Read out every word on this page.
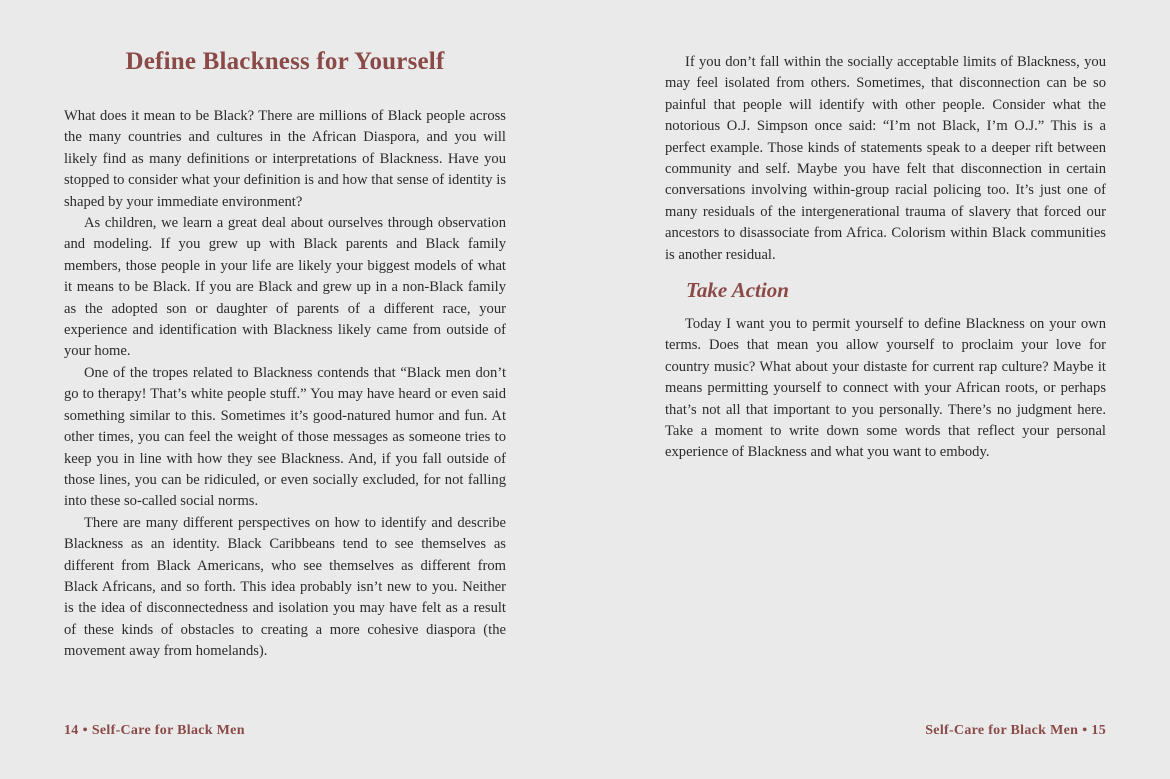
Define Blackness for Yourself

What does it mean to be Black? There are millions of Black people across the many countries and cultures in the African Diaspora, and you will likely find as many definitions or interpretations of Blackness. Have you stopped to consider what your definition is and how that sense of identity is shaped by your immediate environment?

As children, we learn a great deal about ourselves through observation and modeling. If you grew up with Black parents and Black family members, those people in your life are likely your biggest models of what it means to be Black. If you are Black and grew up in a non-Black family as the adopted son or daughter of parents of a different race, your experience and identification with Blackness likely came from outside of your home.

One of the tropes related to Blackness contends that “Black men don’t go to therapy! That’s white people stuff.” You may have heard or even said something similar to this. Sometimes it’s good-natured humor and fun. At other times, you can feel the weight of those messages as someone tries to keep you in line with how they see Blackness. And, if you fall outside of those lines, you can be ridiculed, or even socially excluded, for not falling into these so-called social norms.

There are many different perspectives on how to identify and describe Blackness as an identity. Black Caribbeans tend to see themselves as different from Black Americans, who see themselves as different from Black Africans, and so forth. This idea probably isn’t new to you. Neither is the idea of disconnectedness and isolation you may have felt as a result of these kinds of obstacles to creating a more cohesive diaspora (the movement away from homelands).

14 • Self-Care for Black Men

If you don’t fall within the socially acceptable limits of Blackness, you may feel isolated from others. Sometimes, that disconnection can be so painful that people will identify with other people. Consider what the notorious O.J. Simpson once said: “I’m not Black, I’m O.J.” This is a perfect example. Those kinds of statements speak to a deeper rift between community and self. Maybe you have felt that disconnection in certain conversations involving within-group racial policing too. It’s just one of many residuals of the intergenerational trauma of slavery that forced our ancestors to disassociate from Africa. Colorism within Black communities is another residual.

Take Action

Today I want you to permit yourself to define Blackness on your own terms. Does that mean you allow yourself to proclaim your love for country music? What about your distaste for current rap culture? Maybe it means permitting yourself to connect with your African roots, or perhaps that’s not all that important to you personally. There’s no judgment here. Take a moment to write down some words that reflect your personal experience of Blackness and what you want to embody.

Self-Care for Black Men • 15
